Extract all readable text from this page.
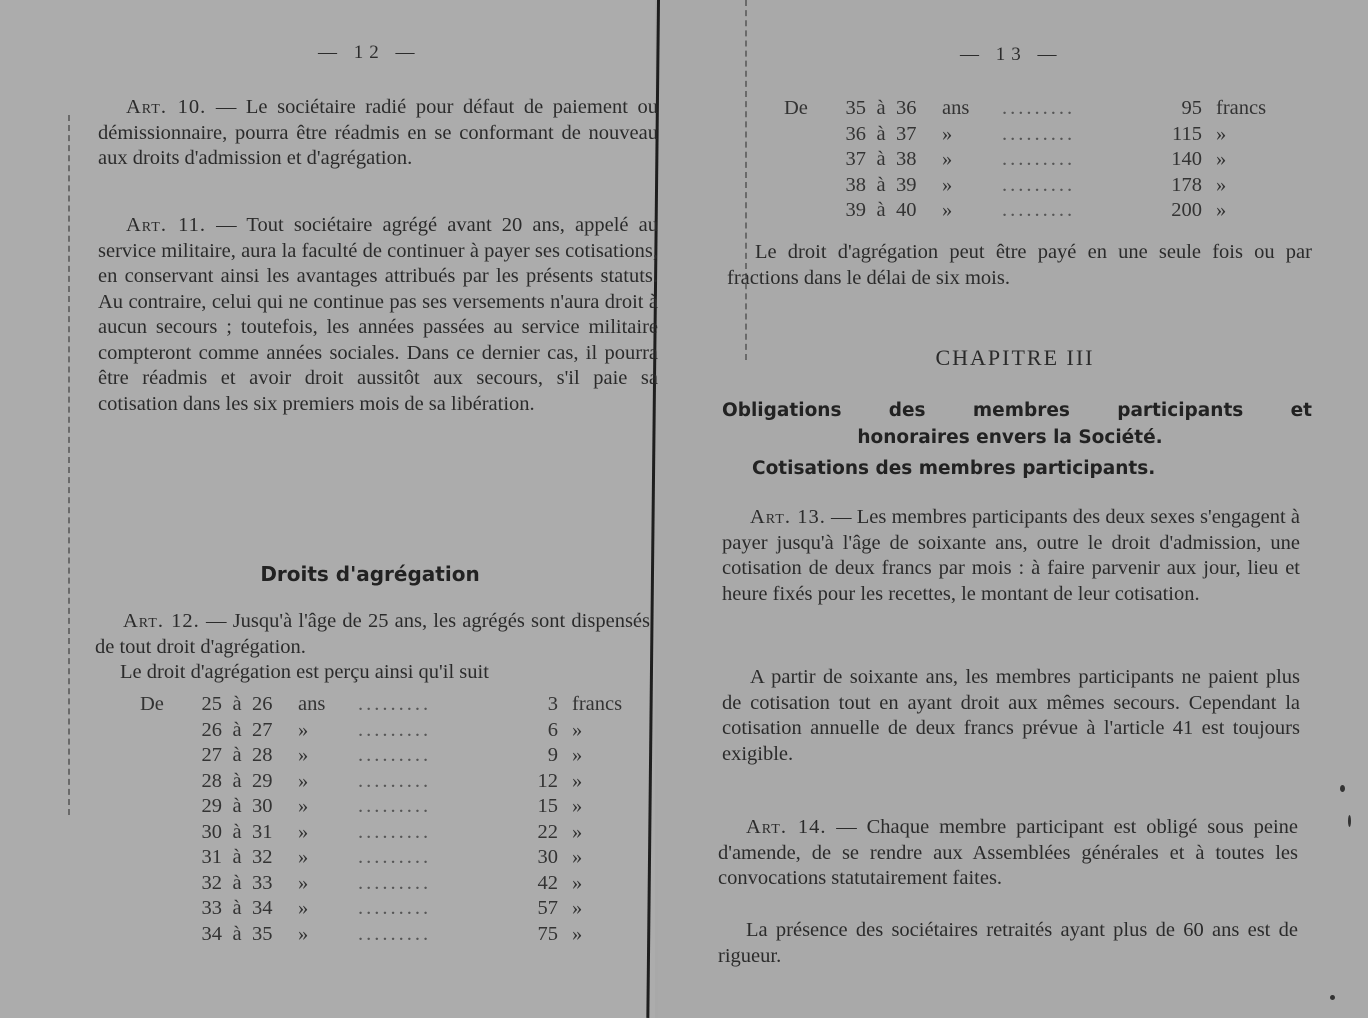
— 12 —
Art. 10. — Le sociétaire radié pour défaut de paiement ou démissionnaire, pourra être réadmis en se conformant de nouveau aux droits d'admission et d'agrégation.
Art. 11. — Tout sociétaire agrégé avant 20 ans, appelé au service militaire, aura la faculté de continuer à payer ses cotisations, en conservant ainsi les avantages attribués par les présents statuts. Au contraire, celui qui ne continue pas ses versements n'aura droit à aucun secours ; toutefois, les années passées au service militaire compteront comme années sociales. Dans ce dernier cas, il pourra être réadmis et avoir droit aussitôt aux secours, s'il paie sa cotisation dans les six premiers mois de sa libération.
Droits d'agrégation
Art. 12. — Jusqu'à l'âge de 25 ans, les agrégés sont dispensés de tout droit d'agrégation.
Le droit d'agrégation est perçu ainsi qu'il suit
De	25	à	26	ans	.........	3	francs
	26	à	27	»	.........	6	»
	27	à	28	»	.........	9	»
	28	à	29	»	.........	12	»
	29	à	30	»	.........	15	»
	30	à	31	»	.........	22	»
	31	à	32	»	.........	30	»
	32	à	33	»	.........	42	»
	33	à	34	»	.........	57	»
	34	à	35	»	.........	75	»
— 13 —
De	35	à	36	ans	.........	95	francs
	36	à	37	»	.........	115	»
	37	à	38	»	.........	140	»
	38	à	39	»	.........	178	»
	39	à	40	»	.........	200	»
Le droit d'agrégation peut être payé en une seule fois ou par fractions dans le délai de six mois.
CHAPITRE III
Obligations des membres participants et
honoraires envers la Société.
Cotisations des membres participants.
Art. 13. — Les membres participants des deux sexes s'engagent à payer jusqu'à l'âge de soixante ans, outre le droit d'admission, une cotisation de deux francs par mois : à faire parvenir aux jour, lieu et heure fixés pour les recettes, le montant de leur cotisation.
A partir de soixante ans, les membres participants ne paient plus de cotisation tout en ayant droit aux mêmes secours. Cependant la cotisation annuelle de deux francs prévue à l'article 41 est toujours exigible.
Art. 14. — Chaque membre participant est obligé sous peine d'amende, de se rendre aux Assemblées générales et à toutes les convocations statutairement faites.
La présence des sociétaires retraités ayant plus de 60 ans est de rigueur.
